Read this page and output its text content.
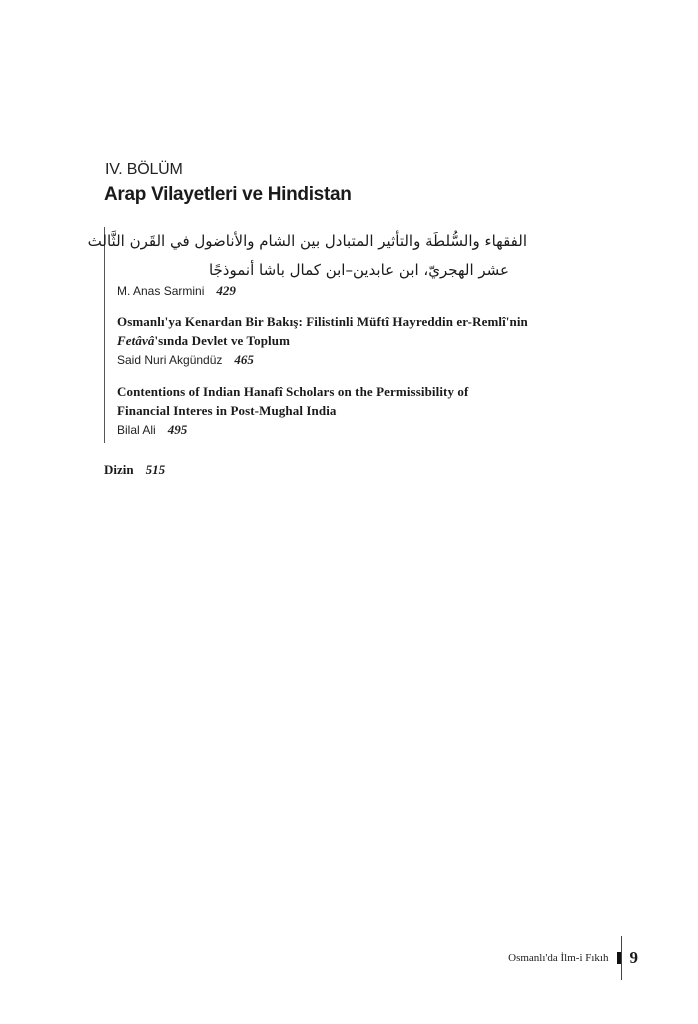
IV. BÖLÜM
Arap Vilayetleri ve Hindistan
الفقهاء والسُّلطَة والتأثير المتبادل بين الشام والأناضول في القَرن الثَّالث
عشر الهجريّ، ابن عابدين–ابن كمال باشا أنموذجًا
M. Anas Sarmini 429
Osmanlı'ya Kenardan Bir Bakış: Filistinli Müftî Hayreddin er-Remlî'nin
Fetâvâ'sında Devlet ve Toplum
Said Nuri Akgündüz 465
Contentions of Indian Hanafî Scholars on the Permissibility of
Financial Interes in Post-Mughal India
Bilal Ali 495
Dizin 515
Osmanlı'da İlm-i Fıkıh 9
